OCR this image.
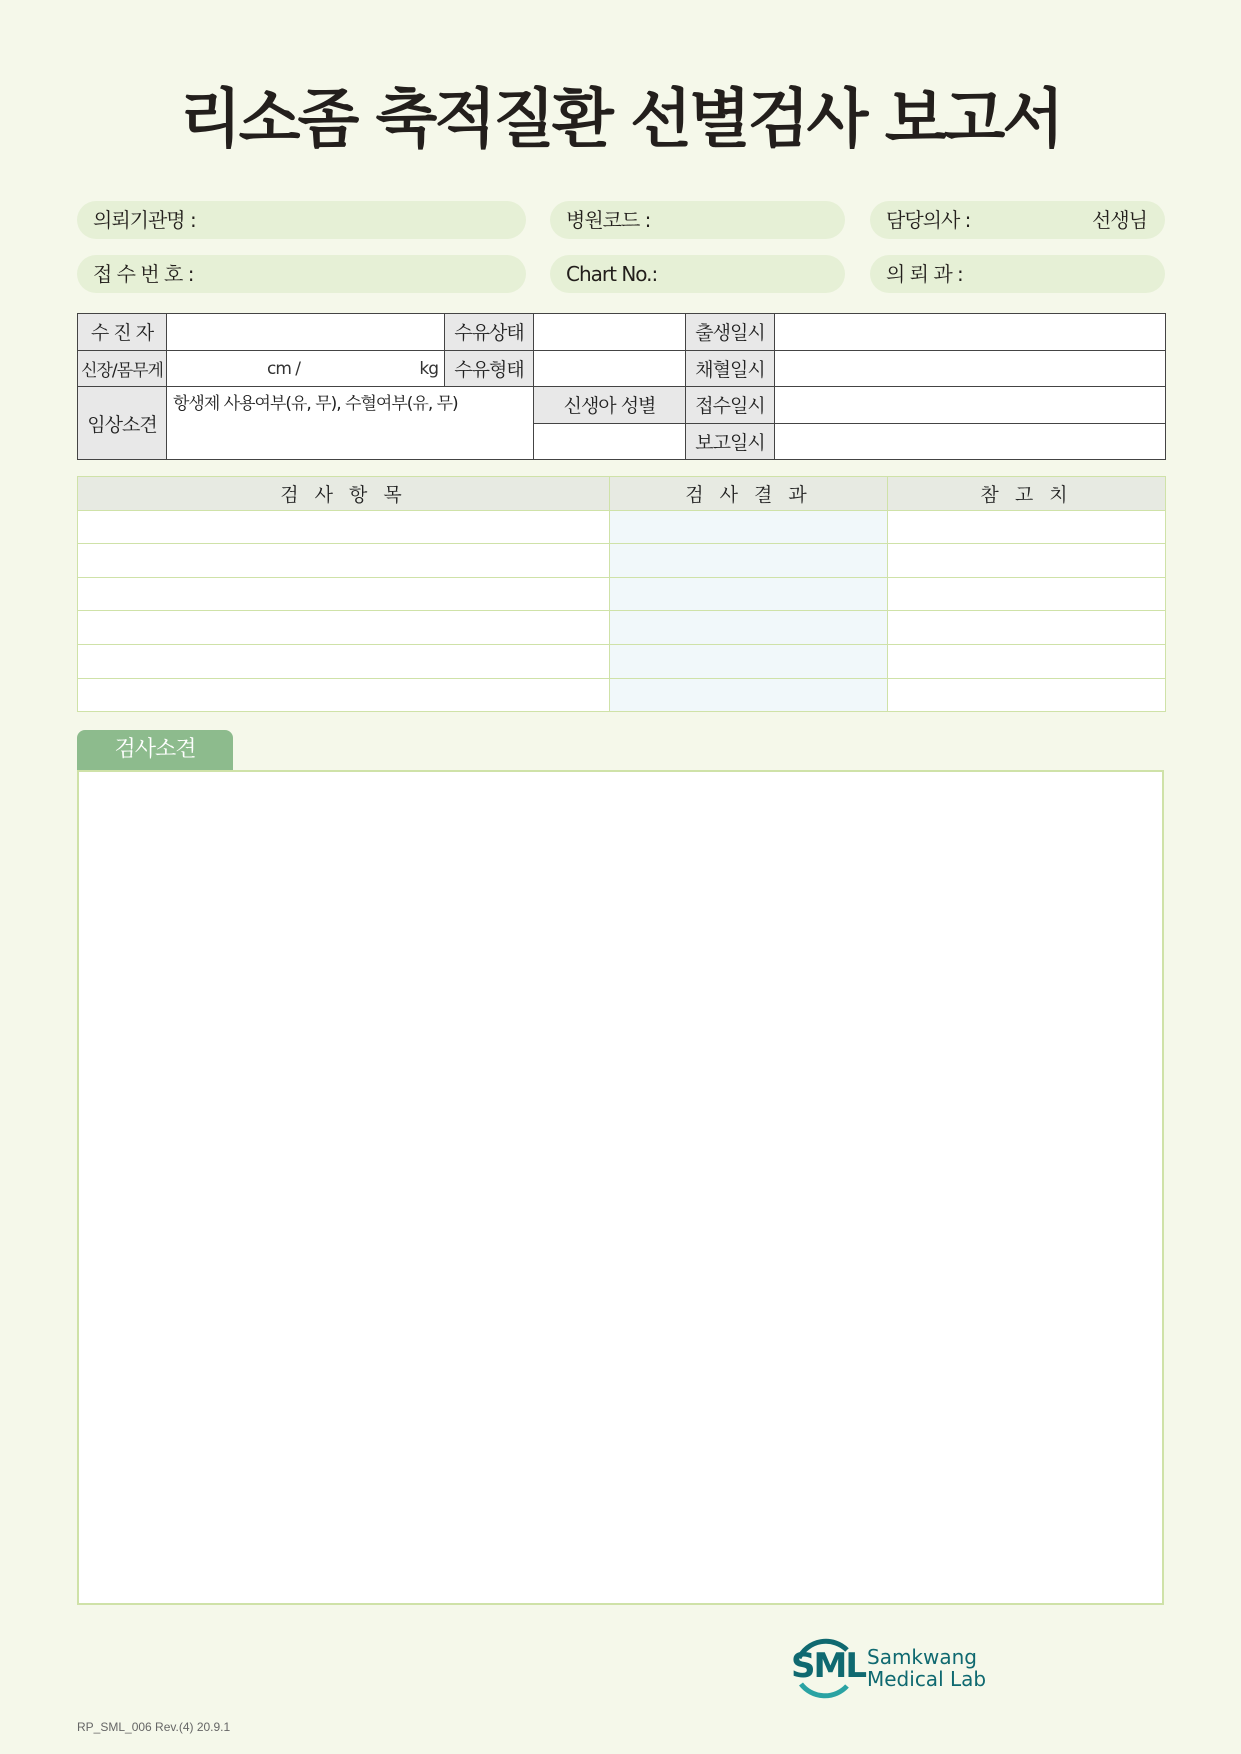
리소좀 축적질환 선별검사 보고서
의뢰기관명 :	병원코드 :	담당의사 :	선생님
접 수 번 호 :	Chart No.:	의 뢰 과 :
수 진 자		수유상태		출생일시	
신장/몸무게	cm / kg	수유형태		채혈일시	
임상소견	항생제 사용여부(유, 무), 수혈여부(유, 무)		신생아 성별	접수일시	
				보고일시	
검 사 항 목	검 사 결 과	참 고 치

검사소견
SML Samkwang
Medical Lab
RP_SML_006 Rev.(4) 20.9.1
